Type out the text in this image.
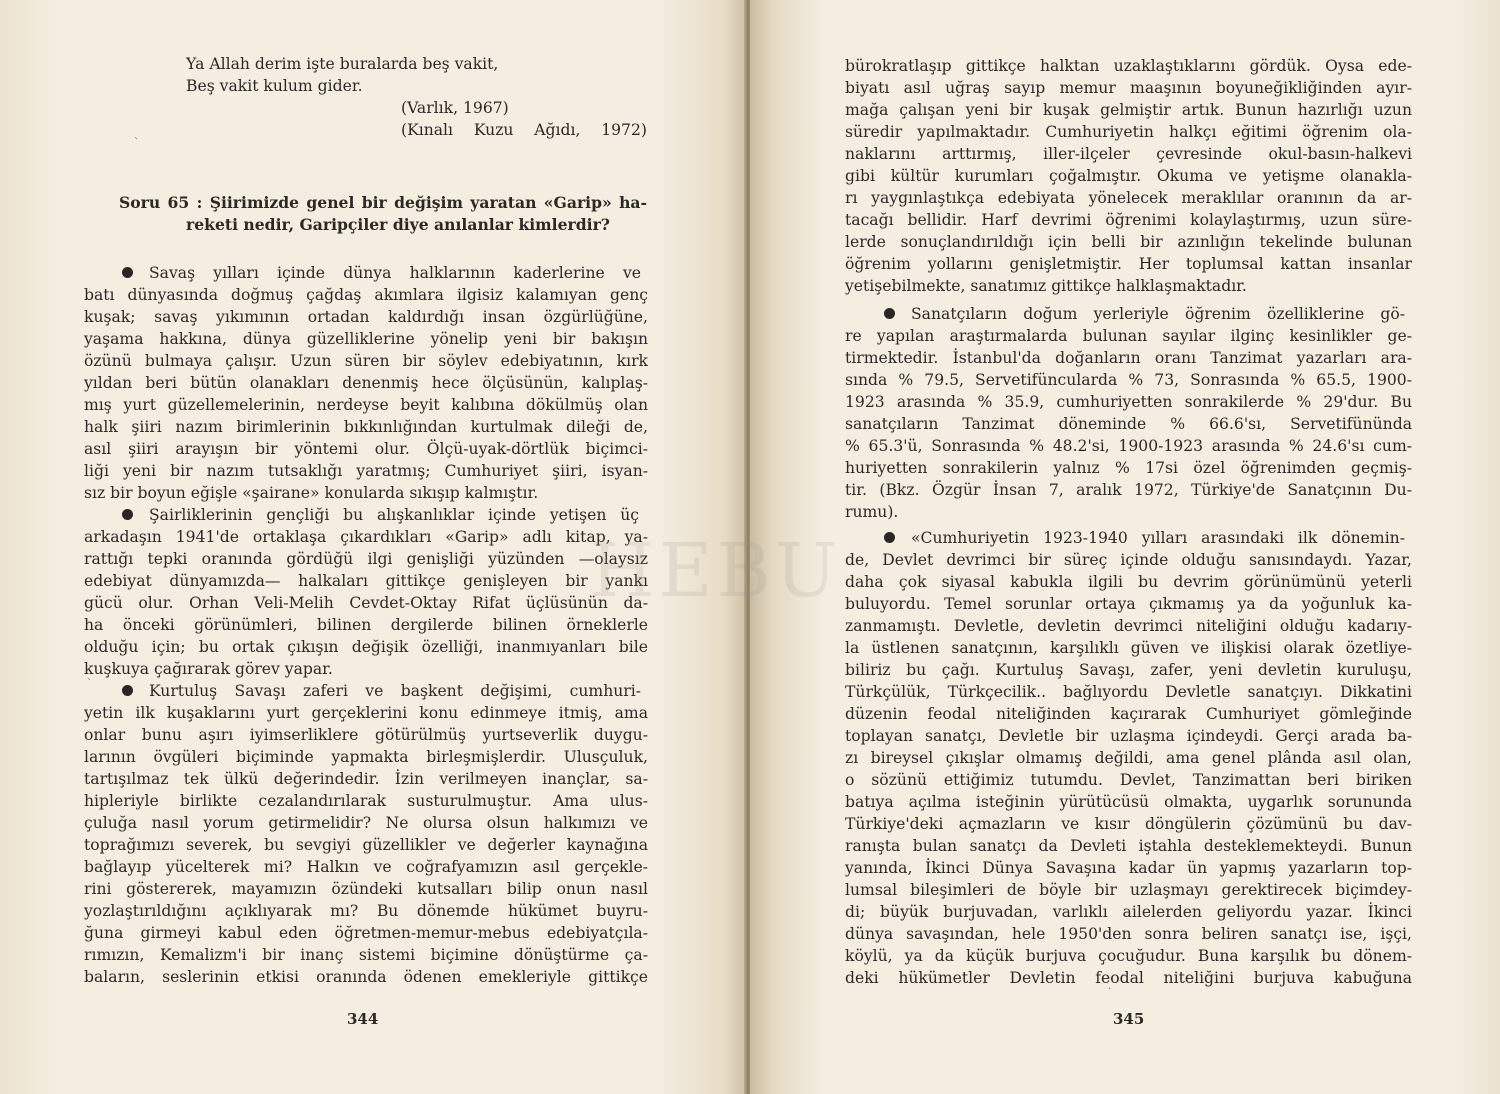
Ya Allah derim işte buralarda beş vakit,
Beş vakit kulum gider.
(Varlık, 1967)
(Kınalı Kuzu Ağıdı, 1972)
Soru 65 : Şiirimizde genel bir değişim yaratan «Garip» ha-
reketi nedir, Garipçiler diye anılanlar kimlerdir?
Savaş yılları içinde dünya halklarının kaderlerine ve
batı dünyasında doğmuş çağdaş akımlara ilgisiz kalamıyan genç
kuşak; savaş yıkımının ortadan kaldırdığı insan özgürlüğüne,
yaşama hakkına, dünya güzelliklerine yönelip yeni bir bakışın
özünü bulmaya çalışır. Uzun süren bir söylev edebiyatının, kırk
yıldan beri bütün olanakları denenmiş hece ölçüsünün, kalıplaş-
mış yurt güzellemelerinin, nerdeyse beyit kalıbına dökülmüş olan
halk şiiri nazım birimlerinin bıkkınlığından kurtulmak dileği de,
asıl şiiri arayışın bir yöntemi olur. Ölçü-uyak-dörtlük biçimci-
liği yeni bir nazım tutsaklığı yaratmış; Cumhuriyet şiiri, isyan-
sız bir boyun eğişle «şairane» konularda sıkışıp kalmıştır.
Şairliklerinin gençliği bu alışkanlıklar içinde yetişen üç
arkadaşın 1941'de ortaklaşa çıkardıkları «Garip» adlı kitap, ya-
rattığı tepki oranında gördüğü ilgi genişliği yüzünden —olaysız
edebiyat dünyamızda— halkaları gittikçe genişleyen bir yankı
gücü olur. Orhan Veli-Melih Cevdet-Oktay Rifat üçlüsünün da-
ha önceki görünümleri, bilinen dergilerde bilinen örneklerle
olduğu için; bu ortak çıkışın değişik özelliği, inanmıyanları bile
kuşkuya çağırarak görev yapar.
Kurtuluş Savaşı zaferi ve başkent değişimi, cumhuri-
yetin ilk kuşaklarını yurt gerçeklerini konu edinmeye itmiş, ama
onlar bunu aşırı iyimserliklere götürülmüş yurtseverlik duygu-
larının övgüleri biçiminde yapmakta birleşmişlerdir. Ulusçuluk,
tartışılmaz tek ülkü değerindedir. İzin verilmeyen inançlar, sa-
hipleriyle birlikte cezalandırılarak susturulmuştur. Ama ulus-
çuluğa nasıl yorum getirmelidir? Ne olursa olsun halkımızı ve
toprağımızı severek, bu sevgiyi güzellikler ve değerler kaynağına
bağlayıp yücelterek mi? Halkın ve coğrafyamızın asıl gerçekle-
rini göstererek, mayamızın özündeki kutsalları bilip onun nasıl
yozlaştırıldığını açıklıyarak mı? Bu dönemde hükümet buyru-
ğuna girmeyi kabul eden öğretmen-memur-mebus edebiyatçıla-
rımızın, Kemalizm'i bir inanç sistemi biçimine dönüştürme ça-
baların, seslerinin etkisi oranında ödenen emekleriyle gittikçe
344
`
`
bürokratlaşıp gittikçe halktan uzaklaştıklarını gördük. Oysa ede-
biyatı asıl uğraş sayıp memur maaşının boyuneğikliğinden ayır-
mağa çalışan yeni bir kuşak gelmiştir artık. Bunun hazırlığı uzun
süredir yapılmaktadır. Cumhuriyetin halkçı eğitimi öğrenim ola-
naklarını arttırmış, iller-ilçeler çevresinde okul-basın-halkevi
gibi kültür kurumları çoğalmıştır. Okuma ve yetişme olanakla-
rı yaygınlaştıkça edebiyata yönelecek meraklılar oranının da ar-
tacağı bellidir. Harf devrimi öğrenimi kolaylaştırmış, uzun süre-
lerde sonuçlandırıldığı için belli bir azınlığın tekelinde bulunan
öğrenim yollarını genişletmiştir. Her toplumsal kattan insanlar
yetişebilmekte, sanatımız gittikçe halklaşmaktadır.
Sanatçıların doğum yerleriyle öğrenim özelliklerine gö-
re yapılan araştırmalarda bulunan sayılar ilginç kesinlikler ge-
tirmektedir. İstanbul'da doğanların oranı Tanzimat yazarları ara-
sında % 79.5, Servetifüncularda % 73, Sonrasında % 65.5, 1900-
1923 arasında % 35.9, cumhuriyetten sonrakilerde % 29'dur. Bu
sanatçıların Tanzimat döneminde % 66.6'sı, Servetifününda
% 65.3'ü, Sonrasında % 48.2'si, 1900-1923 arasında % 24.6'sı cum-
huriyetten sonrakilerin yalnız % 17si özel öğrenimden geçmiş-
tir. (Bkz. Özgür İnsan 7, aralık 1972, Türkiye'de Sanatçının Du-
rumu).
«Cumhuriyetin 1923-1940 yılları arasındaki ilk dönemin-
de, Devlet devrimci bir süreç içinde olduğu sanısındaydı. Yazar,
daha çok siyasal kabukla ilgili bu devrim görünümünü yeterli
buluyordu. Temel sorunlar ortaya çıkmamış ya da yoğunluk ka-
zanmamıştı. Devletle, devletin devrimci niteliğini olduğu kadarıy-
la üstlenen sanatçının, karşılıklı güven ve ilişkisi olarak özetliye-
biliriz bu çağı. Kurtuluş Savaşı, zafer, yeni devletin kuruluşu,
Türkçülük, Türkçecilik.. bağlıyordu Devletle sanatçıyı. Dikkatini
düzenin feodal niteliğinden kaçırarak Cumhuriyet gömleğinde
toplayan sanatçı, Devletle bir uzlaşma içindeydi. Gerçi arada ba-
zı bireysel çıkışlar olmamış değildi, ama genel plânda asıl olan,
o sözünü ettiğimiz tutumdu. Devlet, Tanzimattan beri biriken
batıya açılma isteğinin yürütücüsü olmakta, uygarlık sorununda
Türkiye'deki açmazların ve kısır döngülerin çözümünü bu dav-
ranışta bulan sanatçı da Devleti iştahla desteklemekteydi. Bunun
yanında, İkinci Dünya Savaşına kadar ün yapmış yazarların top-
lumsal bileşimleri de böyle bir uzlaşmayı gerektirecek biçimdey-
di; büyük burjuvadan, varlıklı ailelerden geliyordu yazar. İkinci
dünya savaşından, hele 1950'den sonra beliren sanatçı ise, işçi,
köylü, ya da küçük burjuva çocuğudur. Buna karşılık bu dönem-
deki hükümetler Devletin feodal niteliğini burjuva kabuğuna
345
·
